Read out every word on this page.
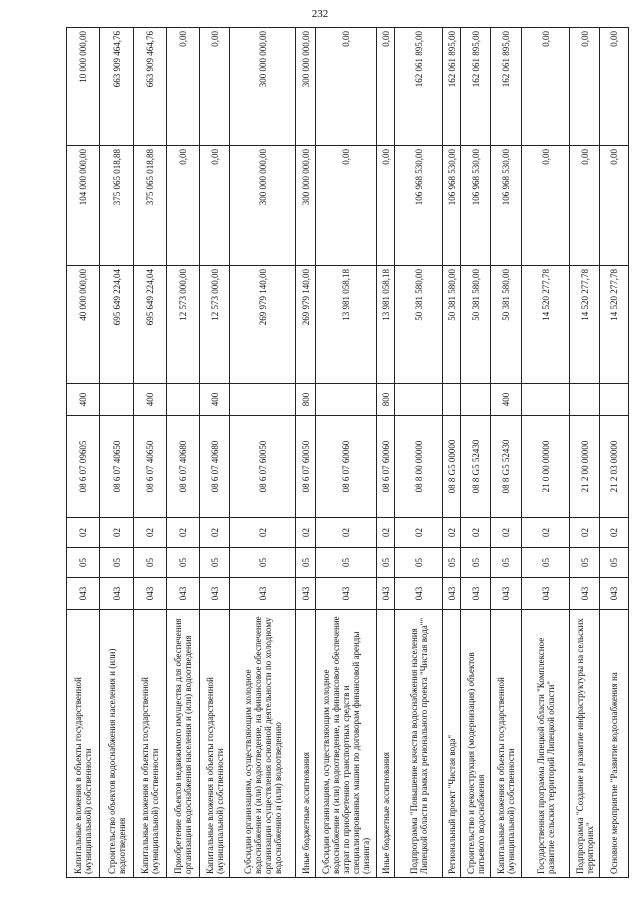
232
Капитальные вложения в объекты государственной (муниципальной) собственности	043	05	02	08 6 07 09605	400	40 000 000,00	104 000 000,00	10 000 000,00
Строительство объектов водоснабжения населения и (или) водоотведения	043	05	02	08 6 07 40650		695 649 224,04	375 065 018,88	663 909 464,76
Капитальные вложения в объекты государственной (муниципальной) собственности	043	05	02	08 6 07 40650	400	695 649 224,04	375 065 018,88	663 909 464,76
Приобретение объектов недвижимого имущества для обеспечения организации водоснабжения населения и (или) водоотведения	043	05	02	08 6 07 40680		12 573 000,00	0,00	0,00
Капитальные вложения в объекты государственной (муниципальной) собственности	043	05	02	08 6 07 40680	400	12 573 000,00	0,00	0,00
Субсидии организациям, осуществляющим холодное водоснабжение и (или) водоотведение, на финансовое обеспечение организации осуществления основной деятельности по холодному водоснабжению и (или) водоотведению	043	05	02	08 6 07 60050		269 979 140,00	300 000 000,00	300 000 000,00
Иные бюджетные ассигнования	043	05	02	08 6 07 60050	800	269 979 140,00	300 000 000,00	300 000 000,00
Субсидии организациям, осуществляющим холодное водоснабжение и (или) водоотведение, на финансовое обеспечение затрат по приобретению транспортных средств и специализированных машин по договорам финансовой аренды (лизинга)	043	05	02	08 6 07 60060		13 981 058,18	0,00	0,00
Иные бюджетные ассигнования	043	05	02	08 6 07 60060	800	13 981 058,18	0,00	0,00
Подпрограмма "Повышение качества водоснабжения населения Липецкой области в рамках регионального проекта "Чистая вода""	043	05	02	08 8 00 00000		50 381 580,00	106 968 530,00	162 061 895,00
Региональный проект "Чистая вода"	043	05	02	08 8 G5 00000		50 381 580,00	106 968 530,00	162 061 895,00
Строительство и реконструкция (модернизация) объектов питьевого водоснабжения	043	05	02	08 8 G5 52430		50 381 580,00	106 968 530,00	162 061 895,00
Капитальные вложения в объекты государственной (муниципальной) собственности	043	05	02	08 8 G5 52430	400	50 381 580,00	106 968 530,00	162 061 895,00
Государственная программа Липецкой области "Комплексное развитие сельских территорий Липецкой области"	043	05	02	21 0 00 00000		14 520 277,78	0,00	0,00
Подпрограмма "Создание и развитие инфраструктуры на сельских территориях"	043	05	02	21 2 00 00000		14 520 277,78	0,00	0,00
Основное мероприятие "Развитие водоснабжения на	043	05	02	21 2 03 00000		14 520 277,78	0,00	0,00
